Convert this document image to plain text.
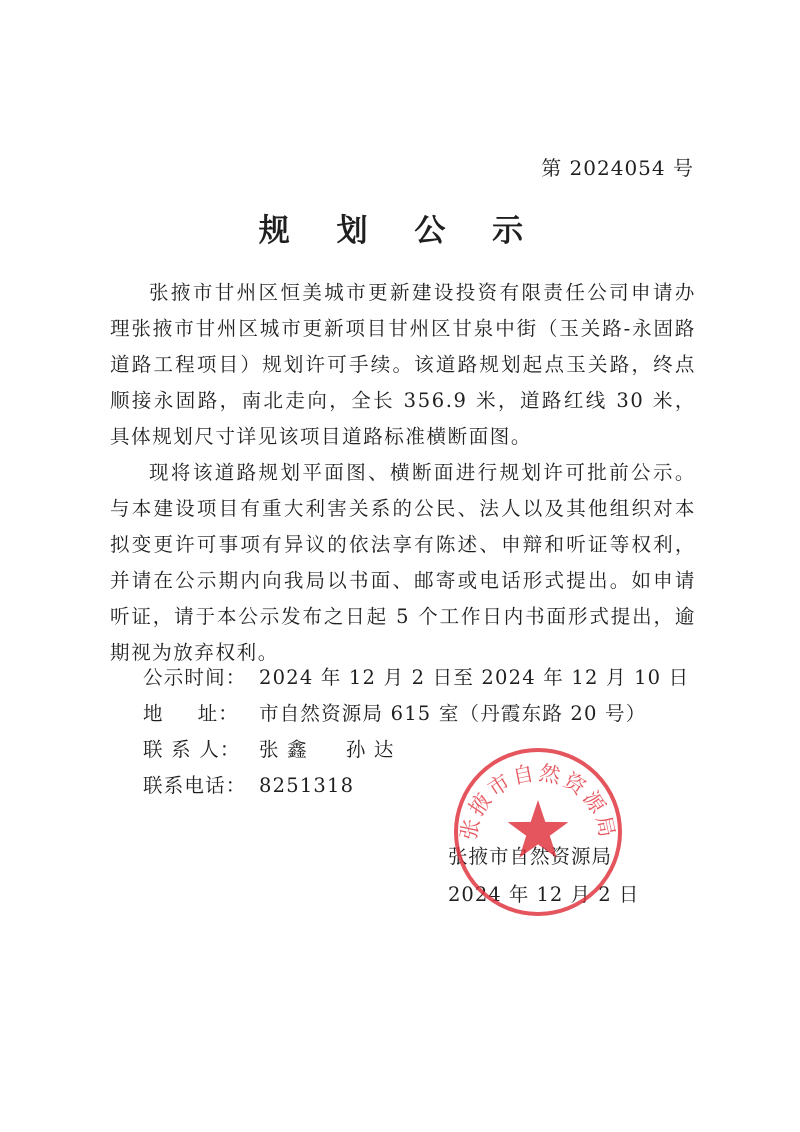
第 2024054 号
规 划 公 示

张掖市甘州区恒美城市更新建设投资有限责任公司申请办理张掖市甘州区城市更新项目甘州区甘泉中街（玉关路-永固路道路工程项目）规划许可手续。该道路规划起点玉关路，终点顺接永固路，南北走向，全长 356.9 米，道路红线 30 米，具体规划尺寸详见该项目道路标准横断面图。

现将该道路规划平面图、横断面进行规划许可批前公示。与本建设项目有重大利害关系的公民、法人以及其他组织对本拟变更许可事项有异议的依法享有陈述、申辩和听证等权利，并请在公示期内向我局以书面、邮寄或电话形式提出。如申请听证，请于本公示发布之日起 5 个工作日内书面形式提出，逾期视为放弃权利。

公示时间： 2024 年 12 月 2 日至 2024 年 12 月 10 日
地 址： 市自然资源局 615 室（丹霞东路 20 号）
联 系 人： 张 鑫 孙 达
联系电话： 8251318
张掖市自然资源局
2024 年 12 月 2 日
张掖市自然资源局
